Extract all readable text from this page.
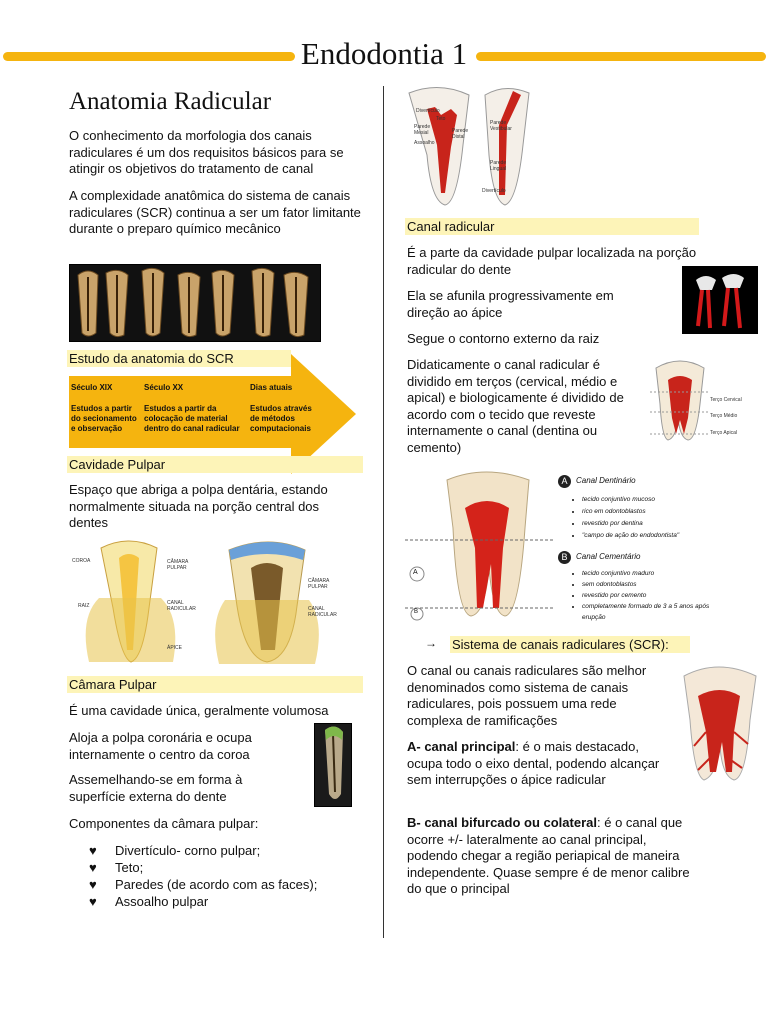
Endodontia 1
Anatomia Radicular
O conhecimento da morfologia dos canais radiculares é um dos requisitos básicos para se atingir os objetivos do tratamento de canal
A complexidade anatômica do sistema de canais radiculares (SCR) continua a ser um fator limitante durante o preparo químico mecânico
Estudo da anatomia do SCR
Século XIX	Século XX	Dias atuais
Estudos a partir do secionamento e observação
Estudos a partir da colocação de material dentro do canal radicular
Estudos através de métodos computacionais
Cavidade Pulpar
Espaço que abriga a polpa dentária, estando normalmente situada na porção central dos dentes
COROA
RAIZ
CÂMARA PULPAR
CANAL RADICULAR
ÁPICE
CÂMARA PULPAR
CANAL RADICULAR
Câmara Pulpar
É uma cavidade única, geralmente volumosa
Aloja a polpa coronária e ocupa internamente o centro da coroa
Assemelhando-se em forma à superfície externa do dente
Componentes da câmara pulpar:
♥ Divertículo- corno pulpar;
♥ Teto;
♥ Paredes (de acordo com as faces);
♥ Assoalho pulpar
Divertículo
Teto
Parede Mesial	Parede Distal
Assoalho
Parede Vestibular
Parede Lingual
Divertículo
Canal radicular
É a parte da cavidade pulpar localizada na porção radicular do dente
Ela se afunila progressivamente em direção ao ápice
Segue o contorno externo da raiz
Didaticamente o canal radicular é dividido em terços (cervical, médio e apical) e biologicamente é dividido de acordo com o tecido que reveste internamente o canal (dentina ou cemento)
Terço Cervical
Terço Médio
Terço Apical
A
B
A	Canal Dentinário
• tecido conjuntivo mucoso
• rico em odontoblastos
• revestido por dentina
• "campo de ação do endodontista"
B	Canal Cementário
• tecido conjuntivo maduro
• sem odontoblastos
• revestido por cemento
• completamente formado de 3 a 5 anos após erupção
→ Sistema de canais radiculares (SCR):
O canal ou canais radiculares são melhor denominados como sistema de canais radiculares, pois possuem uma rede complexa de ramificações
A- canal principal: é o mais destacado, ocupa todo o eixo dental, podendo alcançar sem interrupções o ápice radicular
B- canal bifurcado ou colateral: é o canal que ocorre +/- lateralmente ao canal principal, podendo chegar a região periapical de maneira independente. Quase sempre é de menor calibre do que o principal
